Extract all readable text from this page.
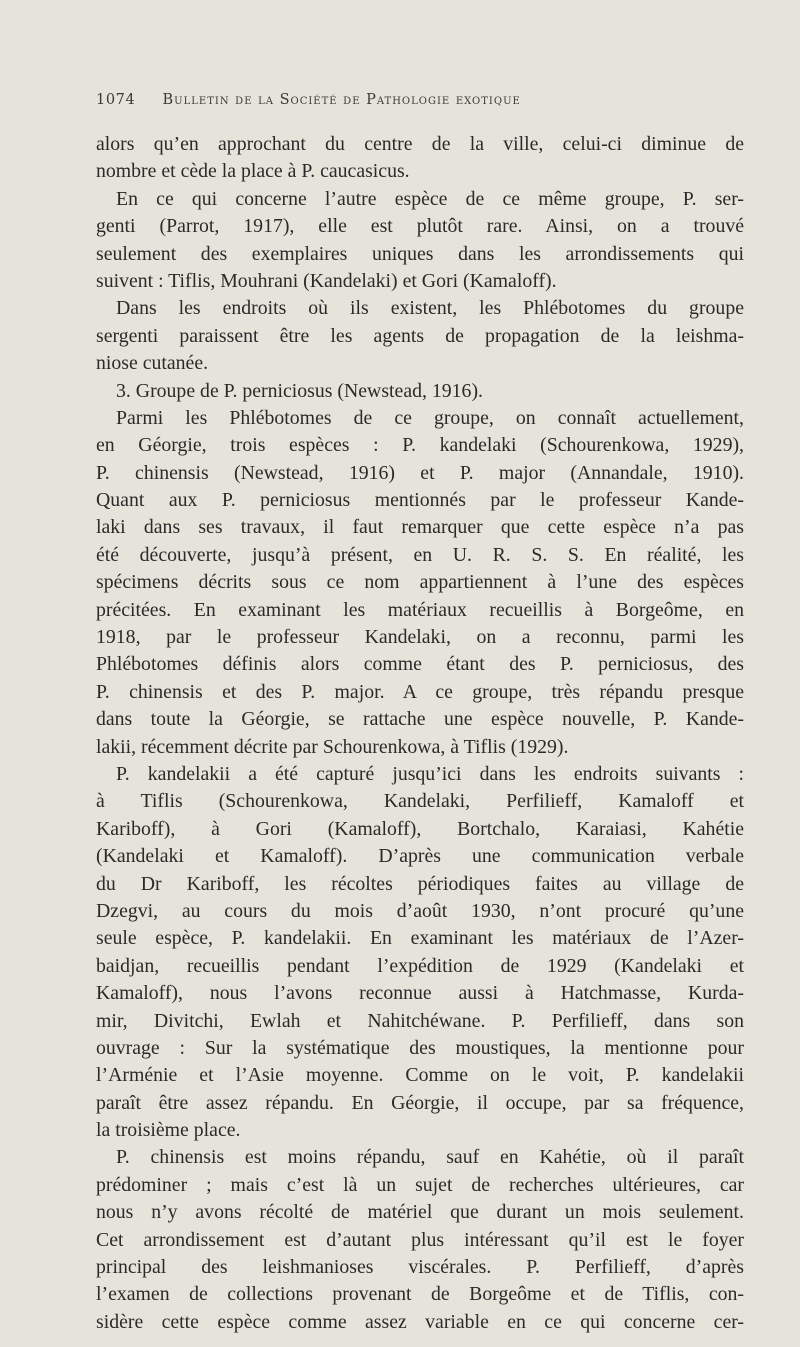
1074 Bulletin de la Société de Pathologie exotique
alors qu’en approchant du centre de la ville, celui-ci diminue de
nombre et cède la place à P. caucasicus.
En ce qui concerne l’autre espèce de ce même groupe, P. ser-
genti (Parrot, 1917), elle est plutôt rare. Ainsi, on a trouvé
seulement des exemplaires uniques dans les arrondissements qui
suivent : Tiflis, Mouhrani (Kandelaki) et Gori (Kamaloff).
Dans les endroits où ils existent, les Phlébotomes du groupe
sergenti paraissent être les agents de propagation de la leishma-
niose cutanée.
3. Groupe de P. perniciosus (Newstead, 1916).
Parmi les Phlébotomes de ce groupe, on connaît actuellement,
en Géorgie, trois espèces : P. kandelaki (Schourenkowa, 1929),
P. chinensis (Newstead, 1916) et P. major (Annandale, 1910).
Quant aux P. perniciosus mentionnés par le professeur Kande-
laki dans ses travaux, il faut remarquer que cette espèce n’a pas
été découverte, jusqu’à présent, en U. R. S. S. En réalité, les
spécimens décrits sous ce nom appartiennent à l’une des espèces
précitées. En examinant les matériaux recueillis à Borgeôme, en
1918, par le professeur Kandelaki, on a reconnu, parmi les
Phlébotomes définis alors comme étant des P. perniciosus, des
P. chinensis et des P. major. A ce groupe, très répandu presque
dans toute la Géorgie, se rattache une espèce nouvelle, P. Kande-
lakii, récemment décrite par Schourenkowa, à Tiflis (1929).
P. kandelakii a été capturé jusqu’ici dans les endroits suivants :
à Tiflis (Schourenkowa, Kandelaki, Perfilieff, Kamaloff et
Kariboff), à Gori (Kamaloff), Bortchalo, Karaiasi, Kahétie
(Kandelaki et Kamaloff). D’après une communication verbale
du Dr Kariboff, les récoltes périodiques faites au village de
Dzegvi, au cours du mois d’août 1930, n’ont procuré qu’une
seule espèce, P. kandelakii. En examinant les matériaux de l’Azer-
baidjan, recueillis pendant l’expédition de 1929 (Kandelaki et
Kamaloff), nous l’avons reconnue aussi à Hatchmasse, Kurda-
mir, Divitchi, Ewlah et Nahitchéwane. P. Perfilieff, dans son
ouvrage : Sur la systématique des moustiques, la mentionne pour
l’Arménie et l’Asie moyenne. Comme on le voit, P. kandelakii
paraît être assez répandu. En Géorgie, il occupe, par sa fréquence,
la troisième place.
P. chinensis est moins répandu, sauf en Kahétie, où il paraît
prédominer ; mais c’est là un sujet de recherches ultérieures, car
nous n’y avons récolté de matériel que durant un mois seulement.
Cet arrondissement est d’autant plus intéressant qu’il est le foyer
principal des leishmanioses viscérales. P. Perfilieff, d’après
l’examen de collections provenant de Borgeôme et de Tiflis, con-
sidère cette espèce comme assez variable en ce qui concerne cer-
